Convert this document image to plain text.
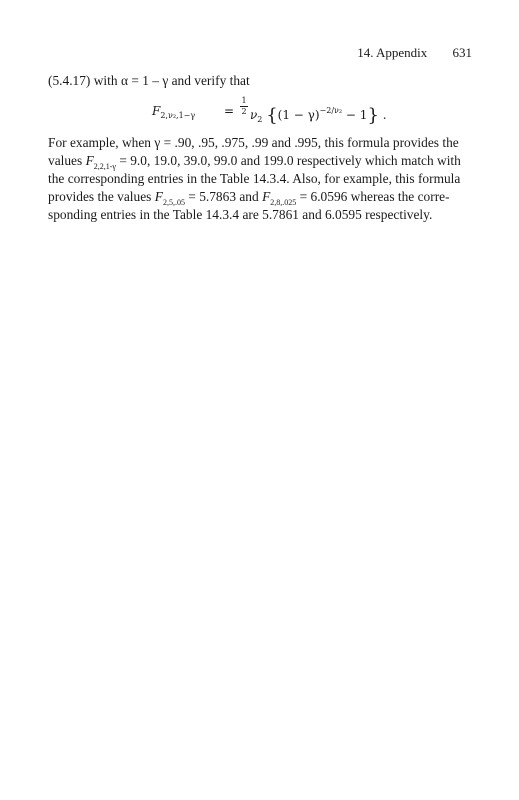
14. Appendix 631
(5.4.17) with α = 1 – γ and verify that
$F_{2,\nu_2,1-\gamma}$ =
1
2 $\nu_2$ $\{(1 - \gamma)^{-2/\nu_2} - 1\}$ .
For example, when γ = .90, .95, .975, .99 and .995, this formula provides the
values $F_{2,2,1-\gamma} = 9.0$, 19.0, 39.0, 99.0 and 199.0 respectively which match with
the corresponding entries in the Table 14.3.4. Also, for example, this formula
provides the values $F_{2,5,.05} = 5.7863$ and $F_{2,8,.025} = 6.0596$ whereas the corre-
sponding entries in the Table 14.3.4 are 5.7861 and 6.0595 respectively.
